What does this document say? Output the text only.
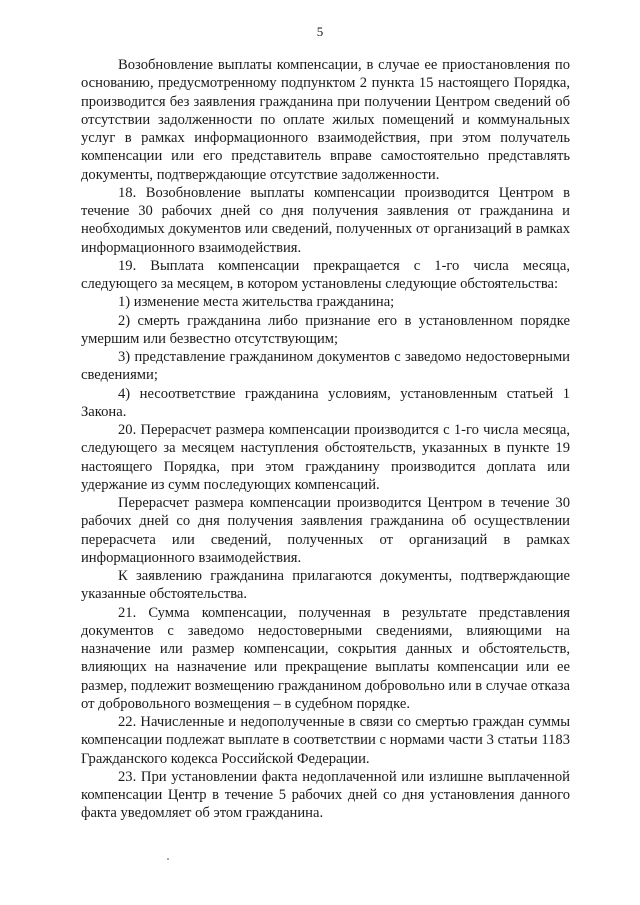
5

Возобновление выплаты компенсации, в случае ее приостановления по основанию, предусмотренному подпунктом 2 пункта 15 настоящего Порядка, производится без заявления гражданина при получении Центром сведений об отсутствии задолженности по оплате жилых помещений и коммунальных услуг в рамках информационного взаимодействия, при этом получатель компенсации или его представитель вправе самостоятельно представлять документы, подтверждающие отсутствие задолженности.

18. Возобновление выплаты компенсации производится Центром в течение 30 рабочих дней со дня получения заявления от гражданина и необходимых документов или сведений, полученных от организаций в рамках информационного взаимодействия.

19. Выплата компенсации прекращается с 1-го числа месяца, следующего за месяцем, в котором установлены следующие обстоятельства:

1) изменение места жительства гражданина;

2) смерть гражданина либо признание его в установленном порядке умершим или безвестно отсутствующим;

3) представление гражданином документов с заведомо недостоверными сведениями;

4) несоответствие гражданина условиям, установленным статьей 1 Закона.

20. Перерасчет размера компенсации производится с 1-го числа месяца, следующего за месяцем наступления обстоятельств, указанных в пункте 19 настоящего Порядка, при этом гражданину производится доплата или удержание из сумм последующих компенсаций.

Перерасчет размера компенсации производится Центром в течение 30 рабочих дней со дня получения заявления гражданина об осуществлении перерасчета или сведений, полученных от организаций в рамках информационного взаимодействия.

К заявлению гражданина прилагаются документы, подтверждающие указанные обстоятельства.

21. Сумма компенсации, полученная в результате представления документов с заведомо недостоверными сведениями, влияющими на назначение или размер компенсации, сокрытия данных и обстоятельств, влияющих на назначение или прекращение выплаты компенсации или ее размер, подлежит возмещению гражданином добровольно или в случае отказа от добровольного возмещения – в судебном порядке.

22. Начисленные и недополученные в связи со смертью граждан суммы компенсации подлежат выплате в соответствии с нормами части 3 статьи 1183 Гражданского кодекса Российской Федерации.

23. При установлении факта недоплаченной или излишне выплаченной компенсации Центр в течение 5 рабочих дней со дня установления данного факта уведомляет об этом гражданина.
